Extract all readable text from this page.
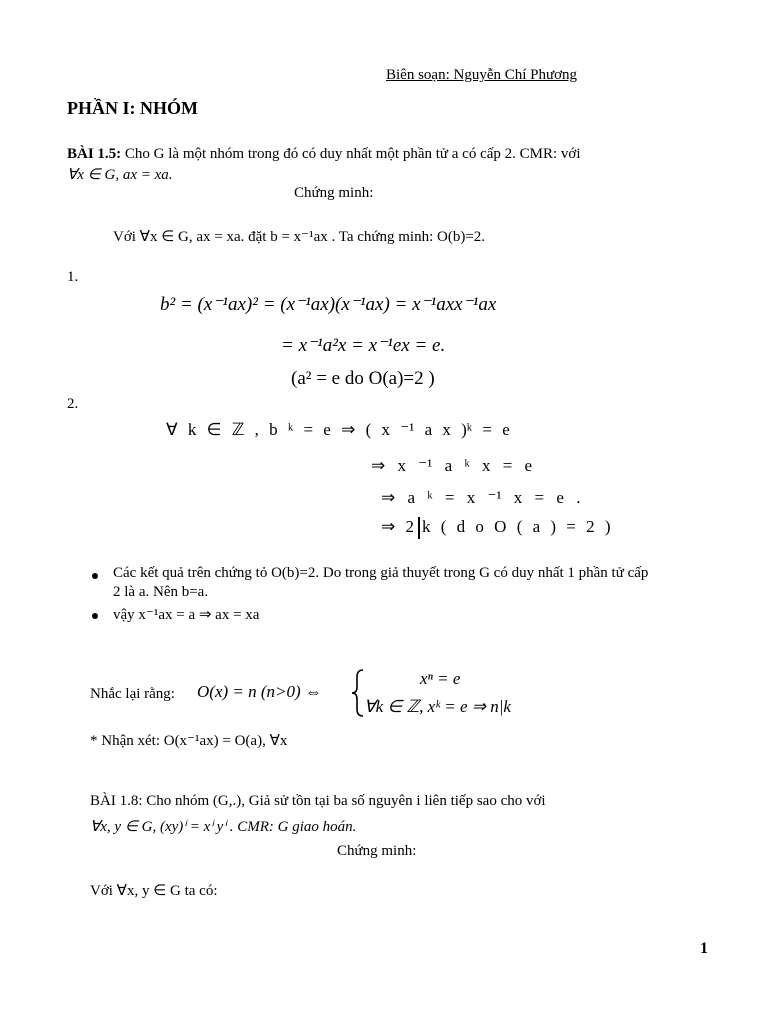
Biên soạn: Nguyễn Chí Phương
PHẦN I: NHÓM
BÀI 1.5: Cho G là một nhóm trong đó có duy nhất một phần tử a có cấp 2. CMR: với
∀x ∈ G, ax = xa.
Chứng minh:
Với ∀x ∈ G, ax = xa. đặt b = x⁻¹ax . Ta chứng minh: O(b)=2.
1.
b² = (x⁻¹ax)² = (x⁻¹ax)(x⁻¹ax) = x⁻¹axx⁻¹ax
= x⁻¹a²x = x⁻¹ex = e.
(a² = e do O(a)=2 )
2.
∀ k ∈ ℤ , b ᵏ = e ⇒ ( x ⁻¹ a x )ᵏ = e
⇒ x ⁻¹ a ᵏ x = e
⇒ a ᵏ = x ⁻¹ x = e .
⇒ 2 k ( d o O ( a ) = 2 )
Các kết quả trên chứng tỏ O(b)=2. Do trong giả thuyết trong G có duy nhất 1 phần tử cấp
2 là a. Nên b=a.
vậy x⁻¹ax = a ⇒ ax = xa
Nhắc lại rằng: O(x) = n (n>0) ⇔
xⁿ = e
∀k ∈ ℤ, xᵏ = e ⇒ n|k
* Nhận xét: O(x⁻¹ax) = O(a), ∀x
BÀI 1.8: Cho nhóm (G,.), Giả sử tồn tại ba số nguyên i liên tiếp sao cho với
∀x, y ∈ G, (xy)ⁱ = xⁱ yⁱ . CMR: G giao hoán.
Chứng minh:
Với ∀x, y ∈ G ta có:
1
